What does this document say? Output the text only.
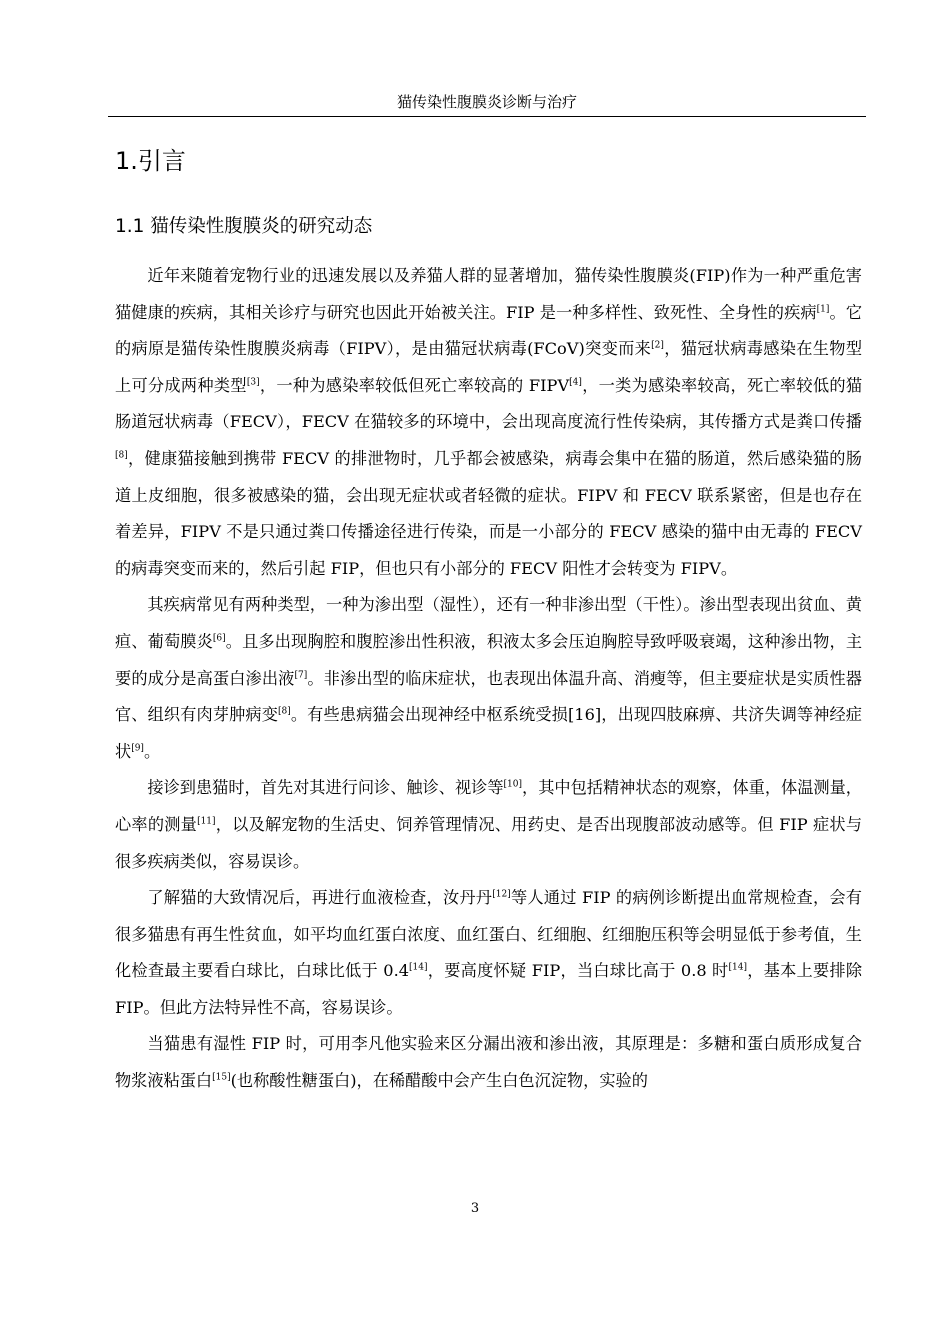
猫传染性腹膜炎诊断与治疗
1.引言
1.1 猫传染性腹膜炎的研究动态

近年来随着宠物行业的迅速发展以及养猫人群的显著增加，猫传染性腹膜炎(FIP)作为一种严重危害猫健康的疾病，其相关诊疗与研究也因此开始被关注。FIP 是一种多样性、致死性、全身性的疾病[1]。它的病原是猫传染性腹膜炎病毒（FIPV），是由猫冠状病毒(FCoV)突变而来[2]，猫冠状病毒感染在生物型上可分成两种类型[3]，一种为感染率较低但死亡率较高的 FIPV[4]，一类为感染率较高，死亡率较低的猫肠道冠状病毒（FECV），FECV 在猫较多的环境中，会出现高度流行性传染病，其传播方式是粪口传播[8]，健康猫接触到携带 FECV 的排泄物时，几乎都会被感染，病毒会集中在猫的肠道，然后感染猫的肠道上皮细胞，很多被感染的猫，会出现无症状或者轻微的症状。FIPV 和 FECV 联系紧密，但是也存在着差异，FIPV 不是只通过粪口传播途径进行传染，而是一小部分的 FECV 感染的猫中由无毒的 FECV 的病毒突变而来的，然后引起 FIP，但也只有小部分的 FECV 阳性才会转变为 FIPV。

其疾病常见有两种类型，一种为渗出型（湿性），还有一种非渗出型（干性）。渗出型表现出贫血、黄疸、葡萄膜炎[6]。且多出现胸腔和腹腔渗出性积液，积液太多会压迫胸腔导致呼吸衰竭，这种渗出物，主要的成分是高蛋白渗出液[7]。非渗出型的临床症状，也表现出体温升高、消瘦等，但主要症状是实质性器官、组织有肉芽肿病变[8]。有些患病猫会出现神经中枢系统受损[16]，出现四肢麻痹、共济失调等神经症状[9]。

接诊到患猫时，首先对其进行问诊、触诊、视诊等[10]，其中包括精神状态的观察，体重，体温测量，心率的测量[11]，以及解宠物的生活史、饲养管理情况、用药史、是否出现腹部波动感等。但 FIP 症状与很多疾病类似，容易误诊。

了解猫的大致情况后，再进行血液检查，汝丹丹[12]等人通过 FIP 的病例诊断提出血常规检查，会有很多猫患有再生性贫血，如平均血红蛋白浓度、血红蛋白、红细胞、红细胞压积等会明显低于参考值，生化检查最主要看白球比，白球比低于 0.4[14]，要高度怀疑 FIP，当白球比高于 0.8 时[14]，基本上要排除 FIP。但此方法特异性不高，容易误诊。

当猫患有湿性 FIP 时，可用李凡他实验来区分漏出液和渗出液，其原理是：多糖和蛋白质形成复合物浆液粘蛋白[15](也称酸性糖蛋白)，在稀醋酸中会产生白色沉淀物，实验的

3
